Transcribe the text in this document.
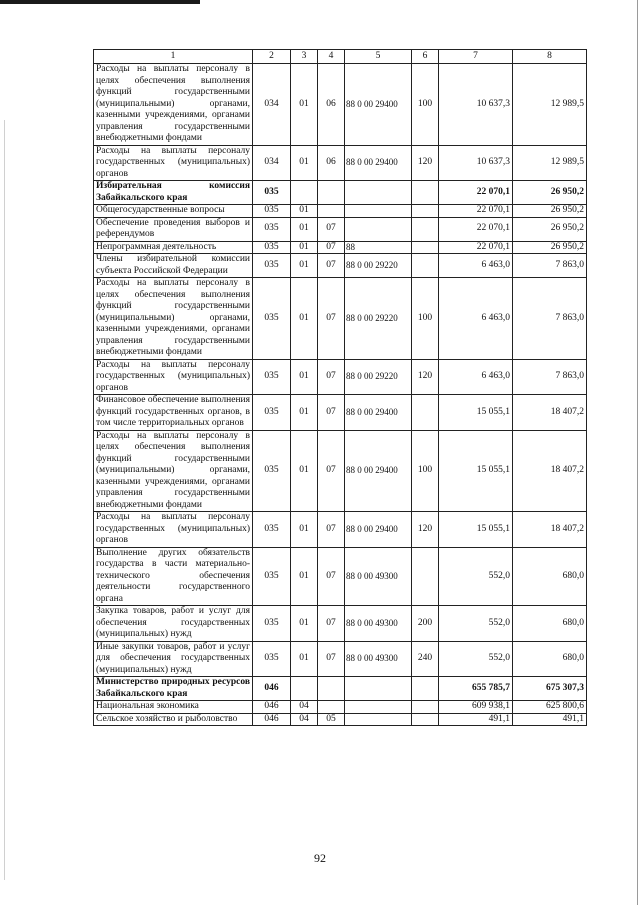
1	2	3	4	5	6	7	8
Расходы на выплаты персоналу в целях обеспечения выполнения функций государственными (муниципальными) органами, казенными учреждениями, органами управления государственными внебюджетными фондами	034	01	06	88 0 00 29400	100	10 637,3	12 989,5
Расходы на выплаты персоналу государственных (муниципальных) органов	034	01	06	88 0 00 29400	120	10 637,3	12 989,5
Избирательная комиссия Забайкальского края	035					22 070,1	26 950,2
Общегосударственные вопросы	035	01				22 070,1	26 950,2
Обеспечение проведения выборов и референдумов	035	01	07			22 070,1	26 950,2
Непрограммная деятельность	035	01	07	88		22 070,1	26 950,2
Члены избирательной комиссии субъекта Российской Федерации	035	01	07	88 0 00 29220		6 463,0	7 863,0
Расходы на выплаты персоналу в целях обеспечения выполнения функций государственными (муниципальными) органами, казенными учреждениями, органами управления государственными внебюджетными фондами	035	01	07	88 0 00 29220	100	6 463,0	7 863,0
Расходы на выплаты персоналу государственных (муниципальных) органов	035	01	07	88 0 00 29220	120	6 463,0	7 863,0
Финансовое обеспечение выполнения функций государственных органов, в том числе территориальных органов	035	01	07	88 0 00 29400		15 055,1	18 407,2
Расходы на выплаты персоналу в целях обеспечения выполнения функций государственными (муниципальными) органами, казенными учреждениями, органами управления государственными внебюджетными фондами	035	01	07	88 0 00 29400	100	15 055,1	18 407,2
Расходы на выплаты персоналу государственных (муниципальных) органов	035	01	07	88 0 00 29400	120	15 055,1	18 407,2
Выполнение других обязательств государства в части материально-технического обеспечения деятельности государственного органа	035	01	07	88 0 00 49300		552,0	680,0
Закупка товаров, работ и услуг для обеспечения государственных (муниципальных) нужд	035	01	07	88 0 00 49300	200	552,0	680,0
Иные закупки товаров, работ и услуг для обеспечения государственных (муниципальных) нужд	035	01	07	88 0 00 49300	240	552,0	680,0
Министерство природных ресурсов Забайкальского края	046					655 785,7	675 307,3
Национальная экономика	046	04				609 938,1	625 800,6
Сельское хозяйство и рыболовство	046	04	05			491,1	491,1
92
